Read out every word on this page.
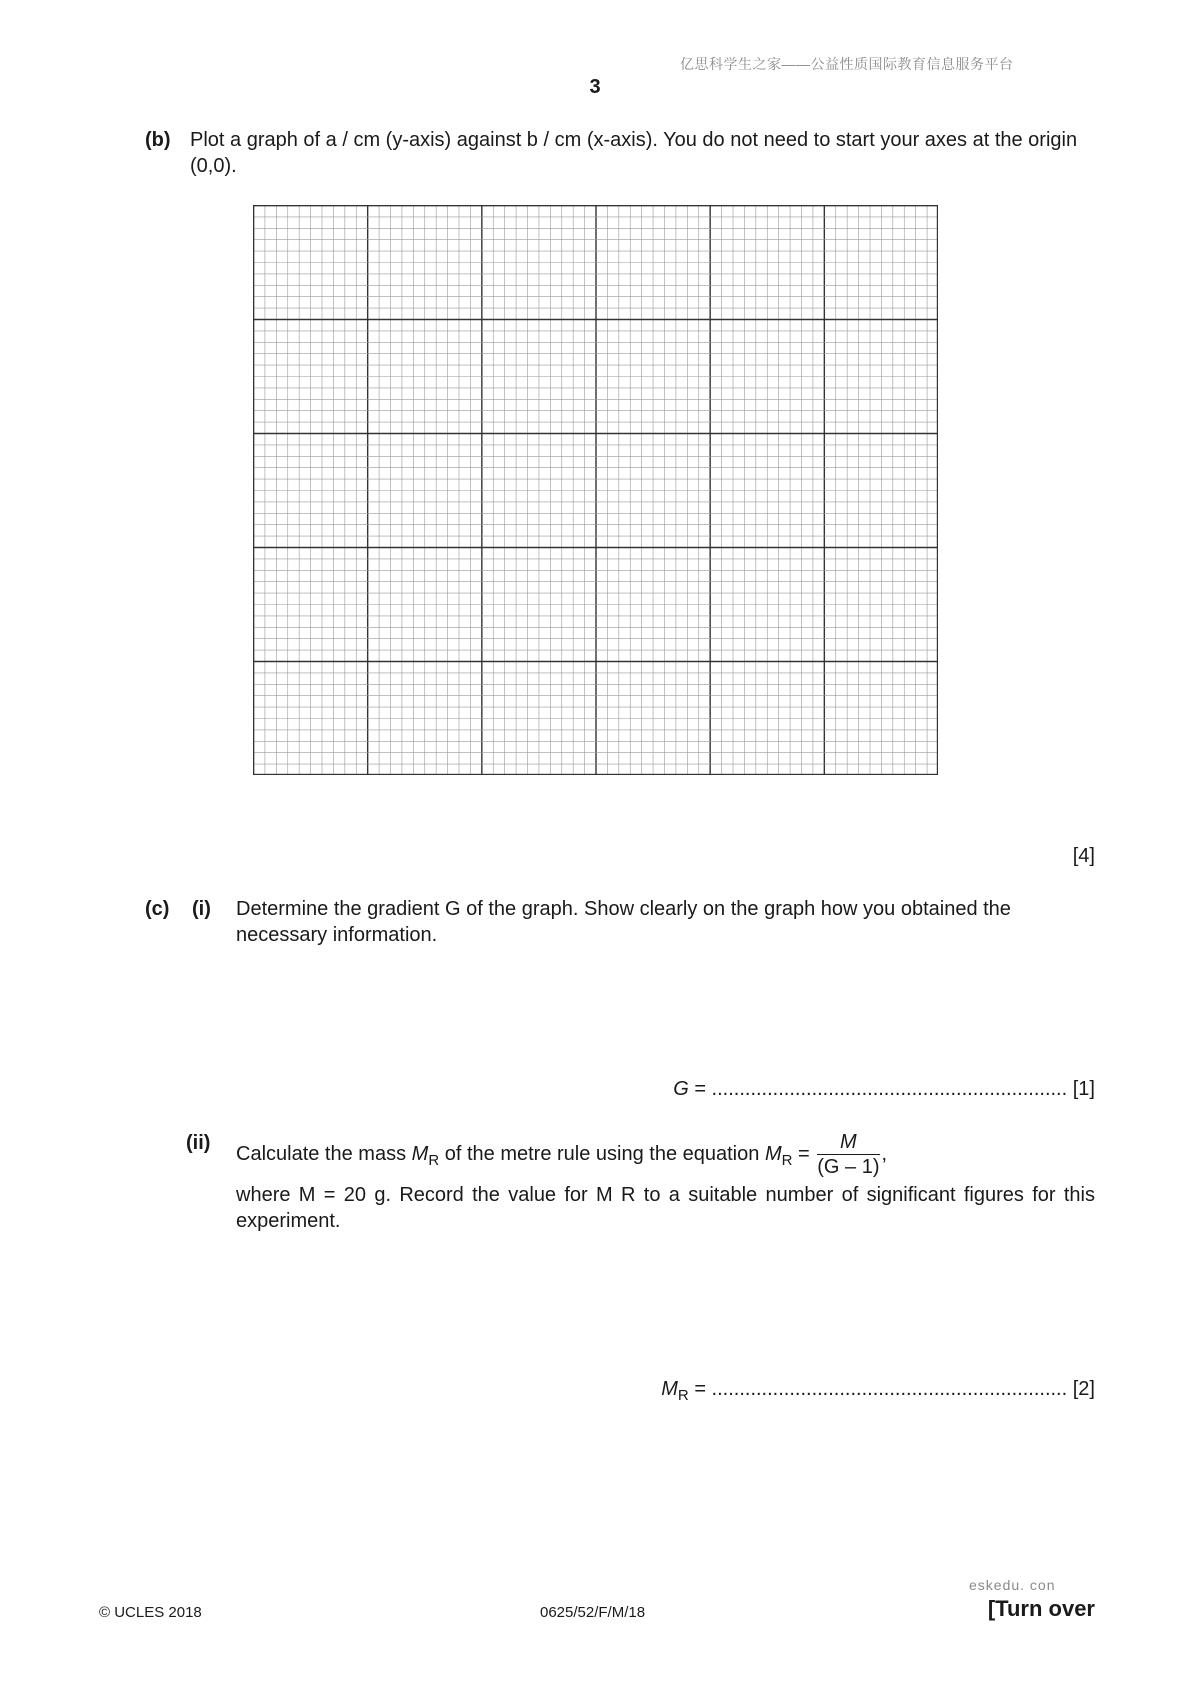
亿思科学生之家——公益性质国际教育信息服务平台
3
(b) Plot a graph of a / cm (y-axis) against b / cm (x-axis). You do not need to start your axes at the origin (0,0).
[4]
(c) (i) Determine the gradient G of the graph. Show clearly on the graph how you obtained the necessary information.
G = ................................................................ [1]
(ii) Calculate the mass $M_R$ of the metre rule using the equation $M_R = \frac{M}{(G - 1)}$ ,
where M = 20 g. Record the value for M R to a suitable number of significant figures for this experiment.
$M_R$ = ................................................................ [2]
eskedu. con
© UCLES 2018	0625/52/F/M/18	[Turn over
